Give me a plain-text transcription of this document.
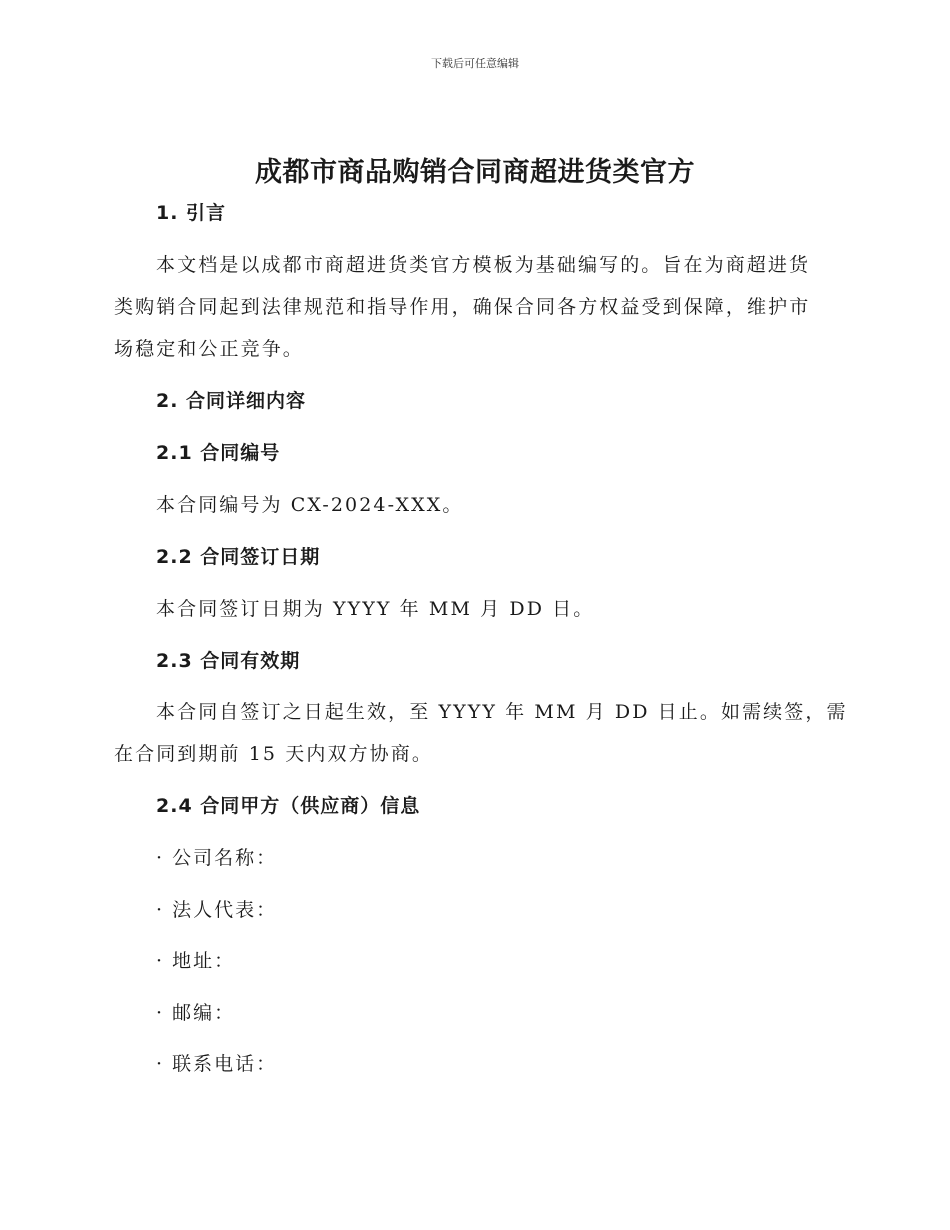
下载后可任意编辑
成都市商品购销合同商超进货类官方
1. 引言
本文档是以成都市商超进货类官方模板为基础编写的。旨在为商超进货
类购销合同起到法律规范和指导作用，确保合同各方权益受到保障，维护市
场稳定和公正竞争。
2. 合同详细内容
2.1 合同编号
本合同编号为 CX-2024-XXX。
2.2 合同签订日期
本合同签订日期为 YYYY 年 MM 月 DD 日。
2.3 合同有效期
本合同自签订之日起生效，至 YYYY 年 MM 月 DD 日止。如需续签，需
在合同到期前 15 天内双方协商。
2.4 合同甲方（供应商）信息
· 公司名称：
· 法人代表：
· 地址：
· 邮编：
· 联系电话：
